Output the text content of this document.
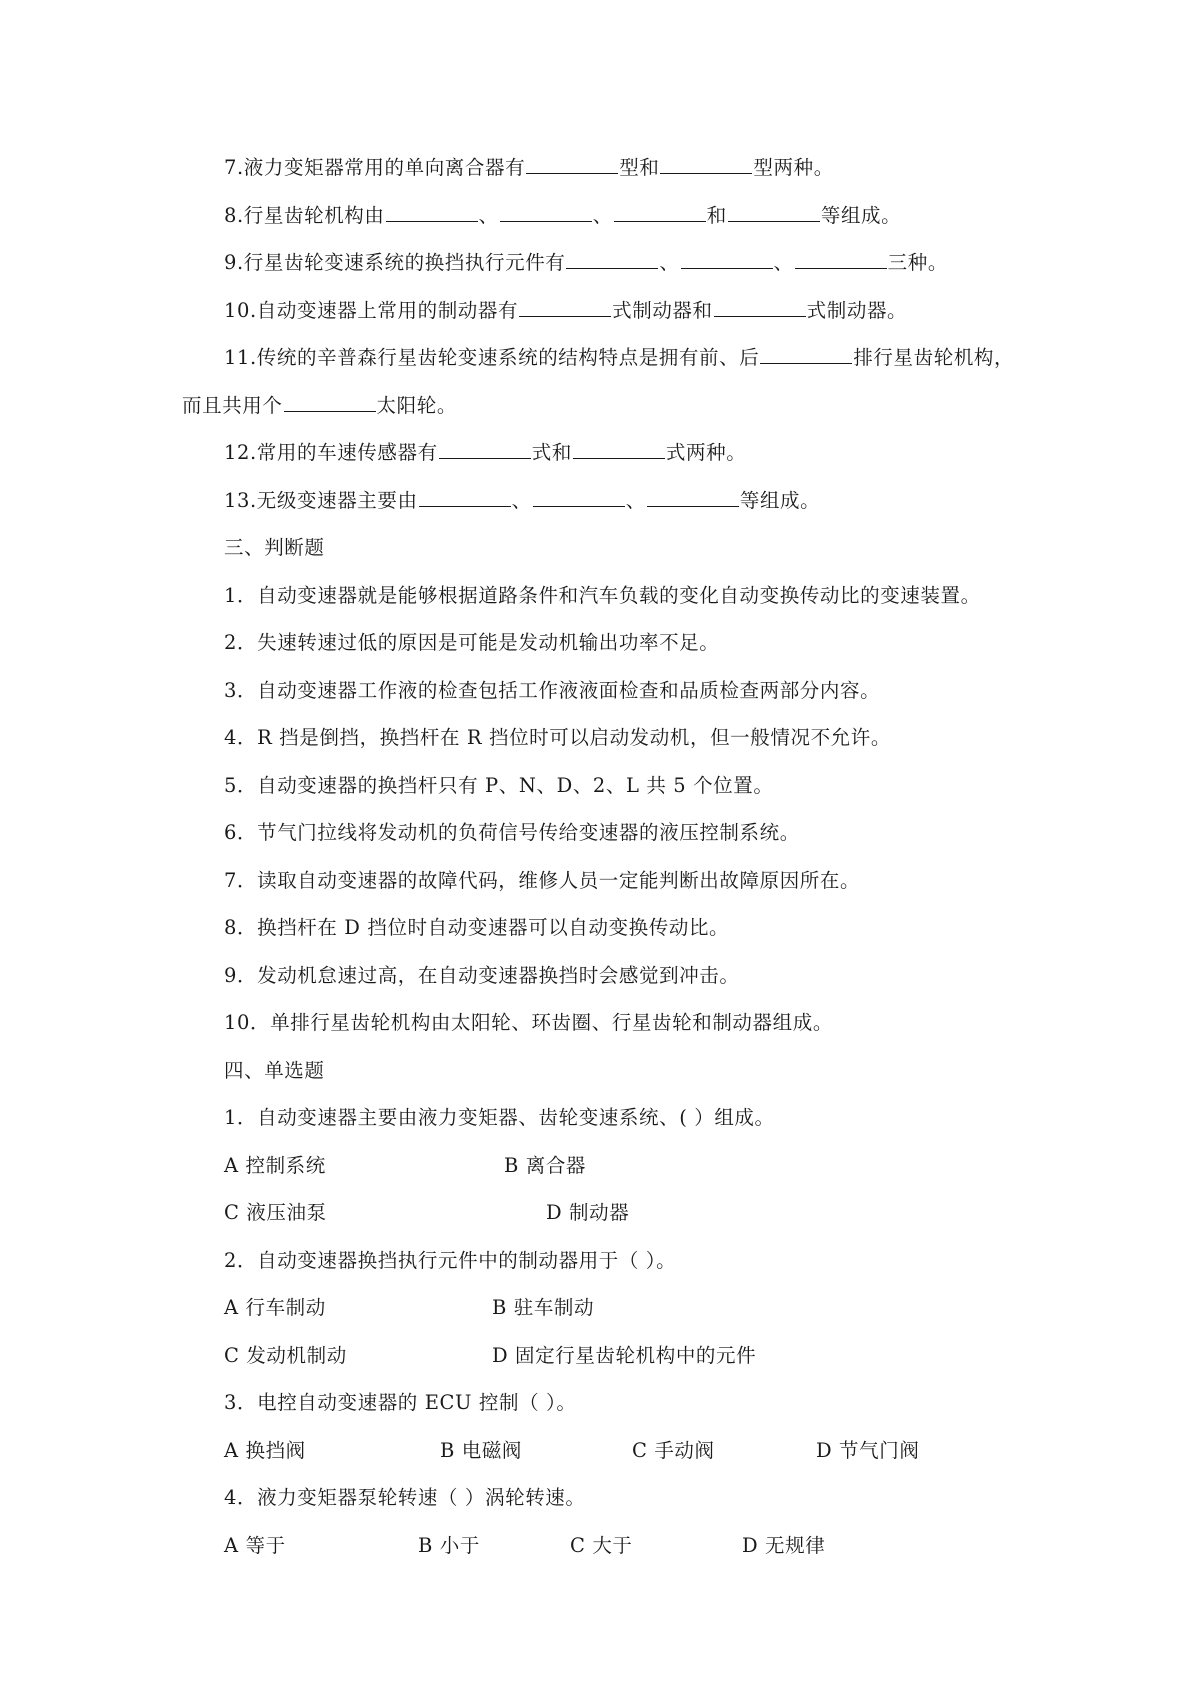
7.液力变矩器常用的单向离合器有	型和	型两种。
8.行星齿轮机构由	、	、	和	等组成。
9.行星齿轮变速系统的换挡执行元件有	、	、	三种。
10.自动变速器上常用的制动器有	式制动器和	式制动器。
11.传统的辛普森行星齿轮变速系统的结构特点是拥有前、后	排行星齿轮机构，
而且共用个	太阳轮。
12.常用的车速传感器有	式和	式两种。
13.无级变速器主要由	、	、	等组成。
三、判断题
1．自动变速器就是能够根据道路条件和汽车负载的变化自动变换传动比的变速装置。
2．失速转速过低的原因是可能是发动机输出功率不足。
3．自动变速器工作液的检查包括工作液液面检查和品质检查两部分内容。
4．R 挡是倒挡，换挡杆在 R 挡位时可以启动发动机，但一般情况不允许。
5．自动变速器的换挡杆只有 P、N、D、2、L 共 5 个位置。
6．节气门拉线将发动机的负荷信号传给变速器的液压控制系统。
7．读取自动变速器的故障代码，维修人员一定能判断出故障原因所在。
8．换挡杆在 D 挡位时自动变速器可以自动变换传动比。
9．发动机怠速过高，在自动变速器换挡时会感觉到冲击。
10．单排行星齿轮机构由太阳轮、环齿圈、行星齿轮和制动器组成。
四、单选题
1．自动变速器主要由液力变矩器、齿轮变速系统、( ）组成。
A 控制系统	B 离合器
C 液压油泵	D 制动器
2．自动变速器换挡执行元件中的制动器用于（ ）。
A 行车制动	B 驻车制动
C 发动机制动	D 固定行星齿轮机构中的元件
3．电控自动变速器的 ECU 控制（ ）。
A 换挡阀	B 电磁阀	C 手动阀	D 节气门阀
4．液力变矩器泵轮转速（ ）涡轮转速。
A 等于	B 小于	C 大于	D 无规律
